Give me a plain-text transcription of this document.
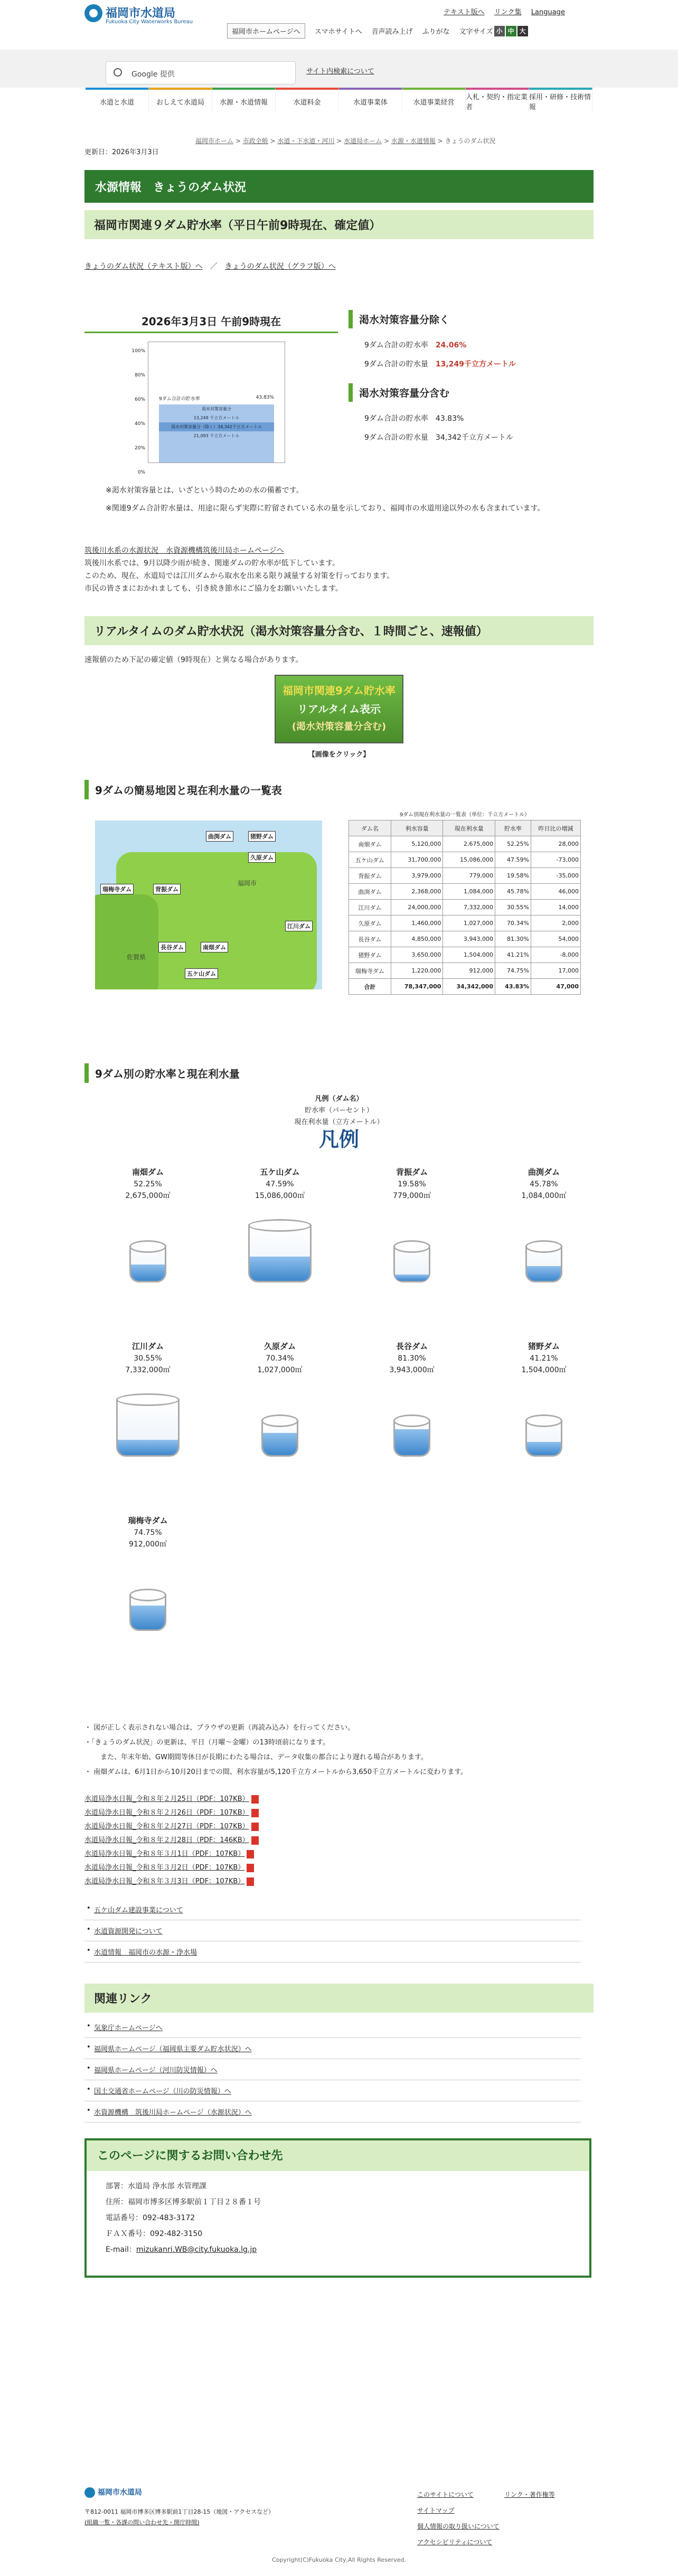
福岡市水道局
Fukuoka City Waterworks Bureau
テキスト版へ リンク集 Language
福岡市ホームページへ	スマホサイトへ 音声読み上げ ふりがな 文字サイズ 小 中 大
Google 提供	サイト内検索について
水道と水道	おしえて水道局	水源・水道情報	水道料金	水道事業体	水道事業経営
入札・契約・指定業者
採用・研修・技術情報
福岡市ホーム > 市政全般 > 水道・下水道・河川 > 水道局ホーム > 水源・水道情報 > きょうのダム状況
更新日：2026年3月3日
水源情報　きょうのダム状況
福岡市関連９ダム貯水率（平日午前9時現在、確定値）
きょうのダム状況（テキスト版）へ　／　きょうのダム状況（グラフ版）へ
2026年3月3日 午前9時現在
100%
80%
60%
40%
20%
0%
9ダム合計の貯水率	43.83%
渇水対策容量分
13,249 千立方メートル
渇水対策容量分（除く）34,342千立方メートル
21,093 千立方メートル
渇水対策容量分除く
9ダム合計の貯水率　 24.06%
9ダム合計の貯水量　 13,249千立方メートル
渇水対策容量分含む
9ダム合計の貯水率　 43.83%
9ダム合計の貯水量　 34,342千立方メートル
※渇水対策容量とは、いざという時のための水の備蓄です。
※関連9ダム合計貯水量は、用途に限らず実際に貯留されている水の量を示しており、福岡市の水道用途以外の水も含まれています。
筑後川水系の水源状況　水資源機構筑後川局ホームページへ
筑後川水系では、9月以降少雨が続き、関連ダムの貯水率が低下しています。
このため、現在、水道局では江川ダムから取水を出来る限り減量する対策を行っております。
市民の皆さまにおかれましても、引き続き節水にご協力をお願いいたします。
リアルタイムのダム貯水状況（渇水対策容量分含む、１時間ごと、速報値）
速報値のため下記の確定値（9時現在）と異なる場合があります。
福岡市関連9ダム貯水率
リアルタイム表示
(渇水対策容量分含む)
【画像をクリック】
9ダムの簡易地図と現在利水量の一覧表
曲渕ダム
背振ダム
猪野ダム
久原ダム
瑞梅寺ダム
長谷ダム	南畑ダム
江川ダム
五ケ山ダム
福岡市
佐賀県
9ダム別現在利水量の一覧表（単位：千立方メートル）
ダム名	利水容量	現在利水量	貯水率	昨日比の増減
南畑ダム	5,120,000	2,675,000	52.25%	28,000
五ケ山ダム	31,700,000	15,086,000	47.59%	-73,000
背振ダム	3,979,000	779,000	19.58%	-35,000
曲渕ダム	2,368,000	1,084,000	45.78%	46,000
江川ダム	24,000,000	7,332,000	30.55%	14,000
久原ダム	1,460,000	1,027,000	70.34%	2,000
長谷ダム	4,850,000	3,943,000	81.30%	54,000
猪野ダム	3,650,000	1,504,000	41.21%	-8,000
瑞梅寺ダム	1,220,000	912,000	74.75%	17,000
合計	78,347,000	34,342,000	43.83%	47,000
9ダム別の貯水率と現在利水量
凡例（ダム名）
貯水率（パーセント）
現在利水量（立方メートル）
凡例
南畑ダム
52.25%
2,675,000㎥
五ケ山ダム
47.59%
15,086,000㎥
背振ダム
19.58%
779,000㎥
曲渕ダム
45.78%
1,084,000㎥
江川ダム
30.55%
7,332,000㎥
久原ダム
70.34%
1,027,000㎥
長谷ダム
81.30%
3,943,000㎥
猪野ダム
41.21%
1,504,000㎥
瑞梅寺ダム
74.75%
912,000㎥
・ 図が正しく表示されない場合は、ブラウザの更新（再読み込み）を行ってください。
・「きょうのダム状況」の更新は、平日（月曜〜金曜）の13時頃前になります。
また、年末年始、GW期間等休日が長期にわたる場合は、データ収集の都合により遅れる場合があります。
・ 南畑ダムは、6月1日から10月20日までの間、利水容量が5,120千立方メートルから3,650千立方メートルに変わります。
水道局浄水日報_令和８年２月25日（PDF：107KB）
水道局浄水日報_令和８年２月26日（PDF：107KB）
水道局浄水日報_令和８年２月27日（PDF：107KB）
水道局浄水日報_令和８年２月28日（PDF：146KB）
水道局浄水日報_令和８年３月1日（PDF：107KB）
水道局浄水日報_令和８年３月2日（PDF：107KB）
水道局浄水日報_令和８年３月3日（PDF：107KB）
• 五ケ山ダム建設事業について
• 水道資源開発について
• 水道情報　福岡市の水源・浄水場
関連リンク
• 気象庁ホームページへ
• 福岡県ホームページ（福岡県主要ダム貯水状況）へ
• 福岡県ホームページ（河川防災情報）へ
• 国土交通省ホームページ（川の防災情報）へ
• 水資源機構　筑後川局ホームページ（水源状況）へ
このページに関するお問い合わせ先
部署：水道局 浄水部 水管理課
住所：福岡市博多区博多駅前１丁目２８番１号
電話番号：092-483-3172
ＦＡＸ番号：092-482-3150
E-mail：mizukanri.WB@city.fukuoka.lg.jp
福岡市水道局
〒812-0011 福岡市博多区博多駅前1丁目28-15（地図・アクセスなど）
(組織一覧・各課の問い合わせ先・開庁時間)
このサイトについて	リンク・著作権等
サイトマップ
個人情報の取り扱いについて
アクセシビリティについて
Copyright(C)Fukuoka City,All Rights Reserved.
